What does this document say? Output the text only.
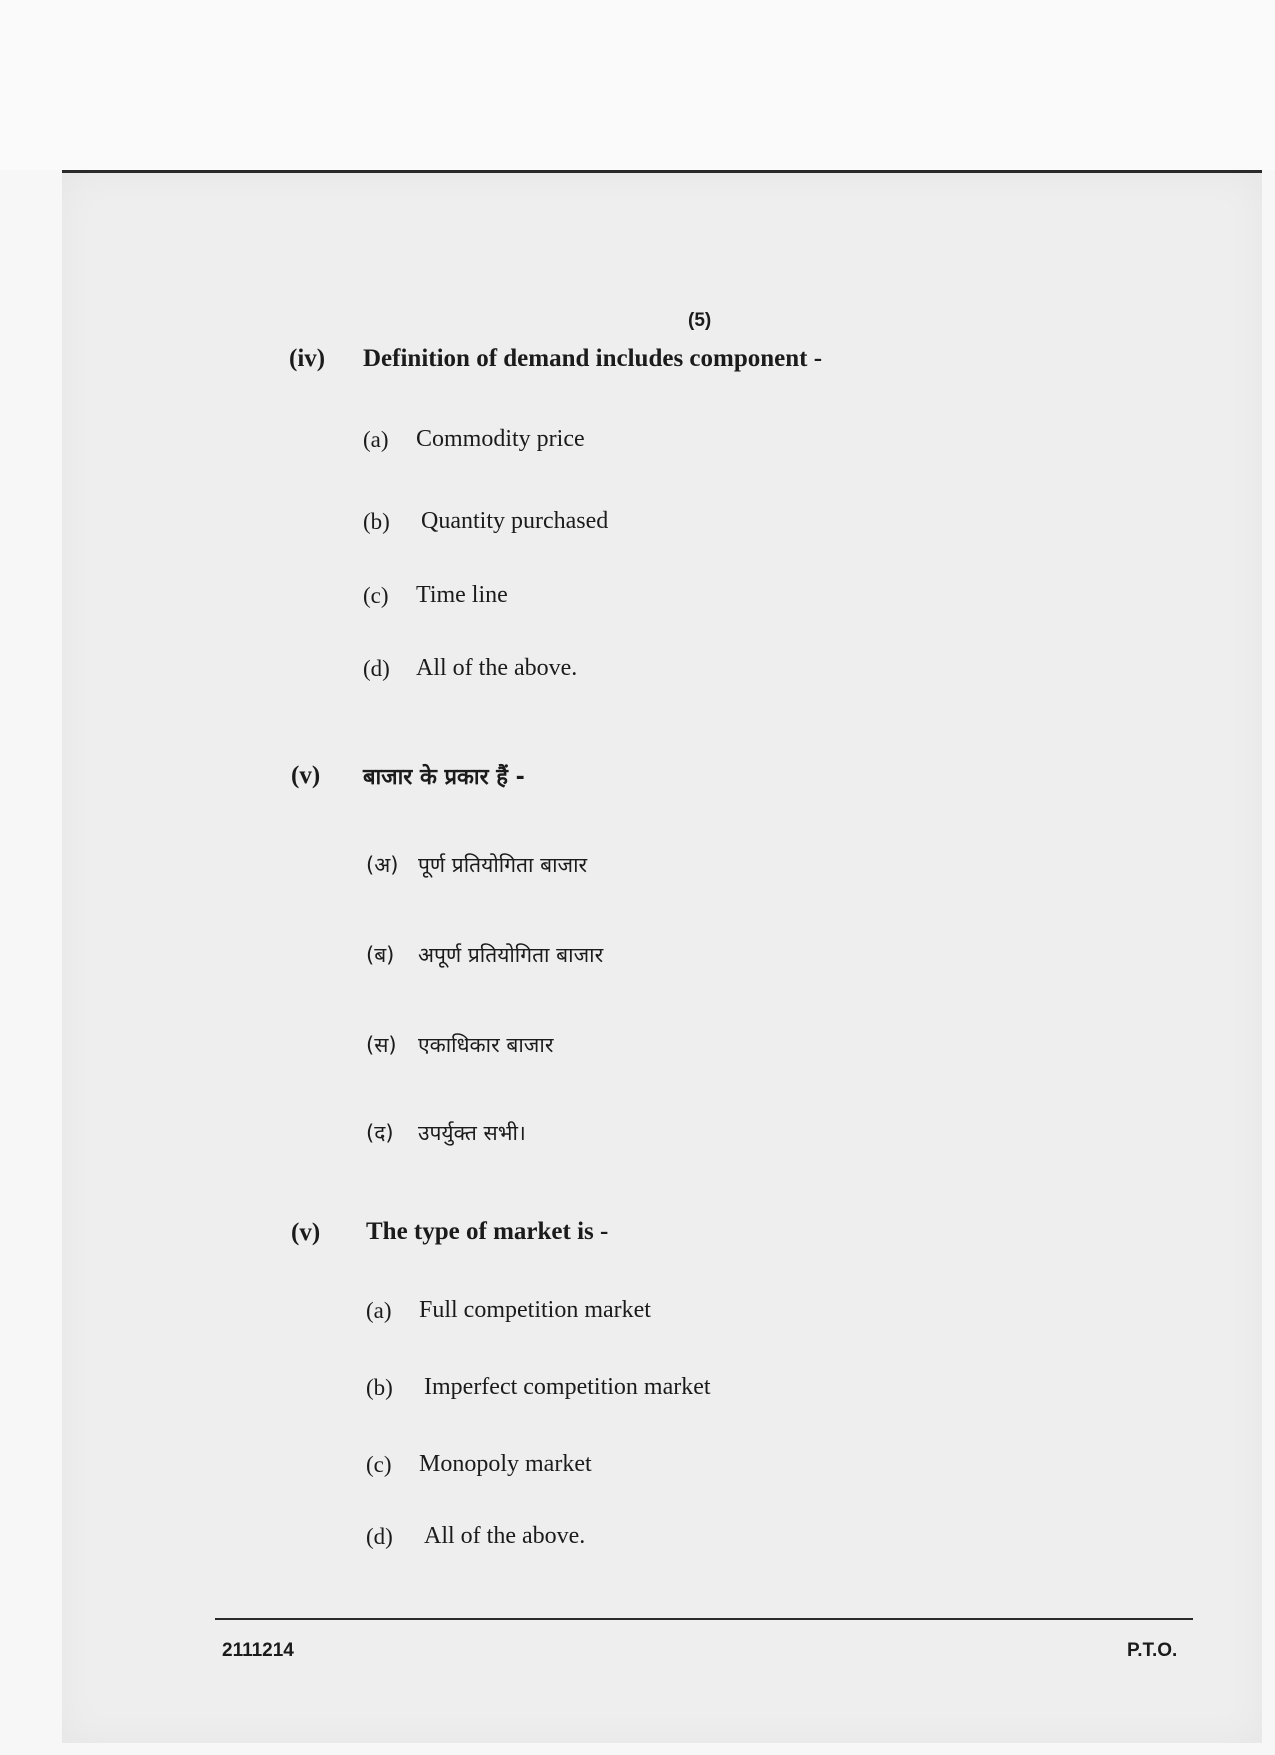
(5)
(iv) Definition of demand includes component -
(a) Commodity price
(b) Quantity purchased
(c) Time line
(d) All of the above.
(v) बाजार के प्रकार हैं -
(अ) पूर्ण प्रतियोगिता बाजार
(ब) अपूर्ण प्रतियोगिता बाजार
(स) एकाधिकार बाजार
(द) उपर्युक्त सभी।
(v) The type of market is -
(a) Full competition market
(b) Imperfect competition market
(c) Monopoly market
(d) All of the above.
2111214	P.T.O.
